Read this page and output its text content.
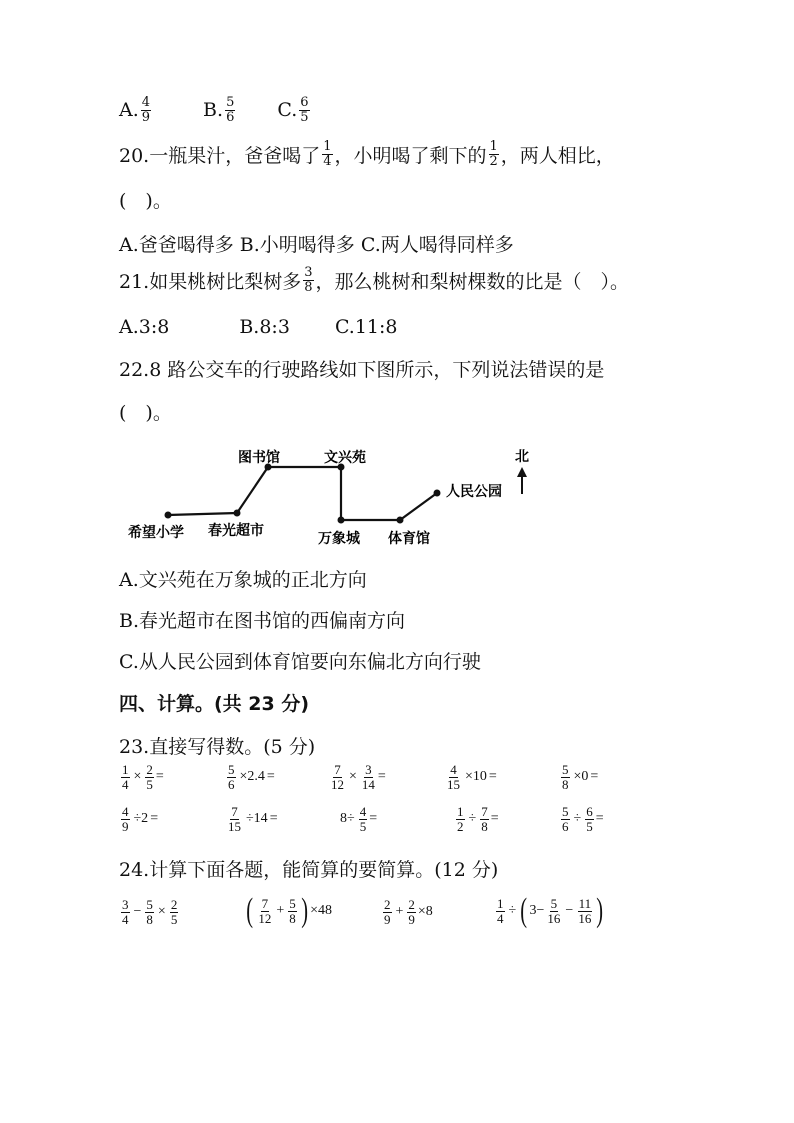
A. $\frac{4}{9}$	B. $\frac{5}{6} C$. $\frac{6}{5}$
20.一瓶果汁，爸爸喝了 $\frac{1}{4}$ ，小明喝了剩下的 $\frac{1}{2}$ ，两人相比，
(　)。
A.爸爸喝得多 B.小明喝得多 C.两人喝得同样多
21.如果桃树比梨树多 $\frac{3}{8}$ ，那么桃树和梨树棵数的比是（　）。
A.3:8	B.8:3 C.11:8
22.8 路公交车的行驶路线如下图所示，下列说法错误的是
(　)。
希望小学 春光超市
图书馆	文兴苑
万象城 体育馆
人民公园
北
A.文兴苑在万象城的正北方向
B.春光超市在图书馆的西偏南方向
C.从人民公园到体育馆要向东偏北方向行驶
四、计算。(共 23 分)
23.直接写得数。(5 分)
$\frac{1}{4} \times \frac{2}{5}$ =	$\frac{5}{6} \times 2.4$ =	$\frac{7}{12} \times \frac{3}{14}$ =	$\frac{4}{15} \times 10$ =	$\frac{5}{8} \times 0$ =
$\frac{4}{9} \div 2$ =	$\frac{7}{15} \div 14$ =	$8\div \frac{4}{5}$ =	$\frac{1}{2} \div \frac{7}{8}$ =	$\frac{5}{6} \div \frac{6}{5}$ =
24.计算下面各题，能简算的要简算。(12 分)
$\frac{3}{4} - \frac{5}{8} \times \frac{2}{5}$ ( $\frac{7}{12} + \frac{5}{8}$ ) ×48	$\frac{2}{9} + \frac{2}{9} \times 8$	$\frac{1}{4}$ ÷ ( $3- \frac{5}{16} - \frac{11}{16}$ )
